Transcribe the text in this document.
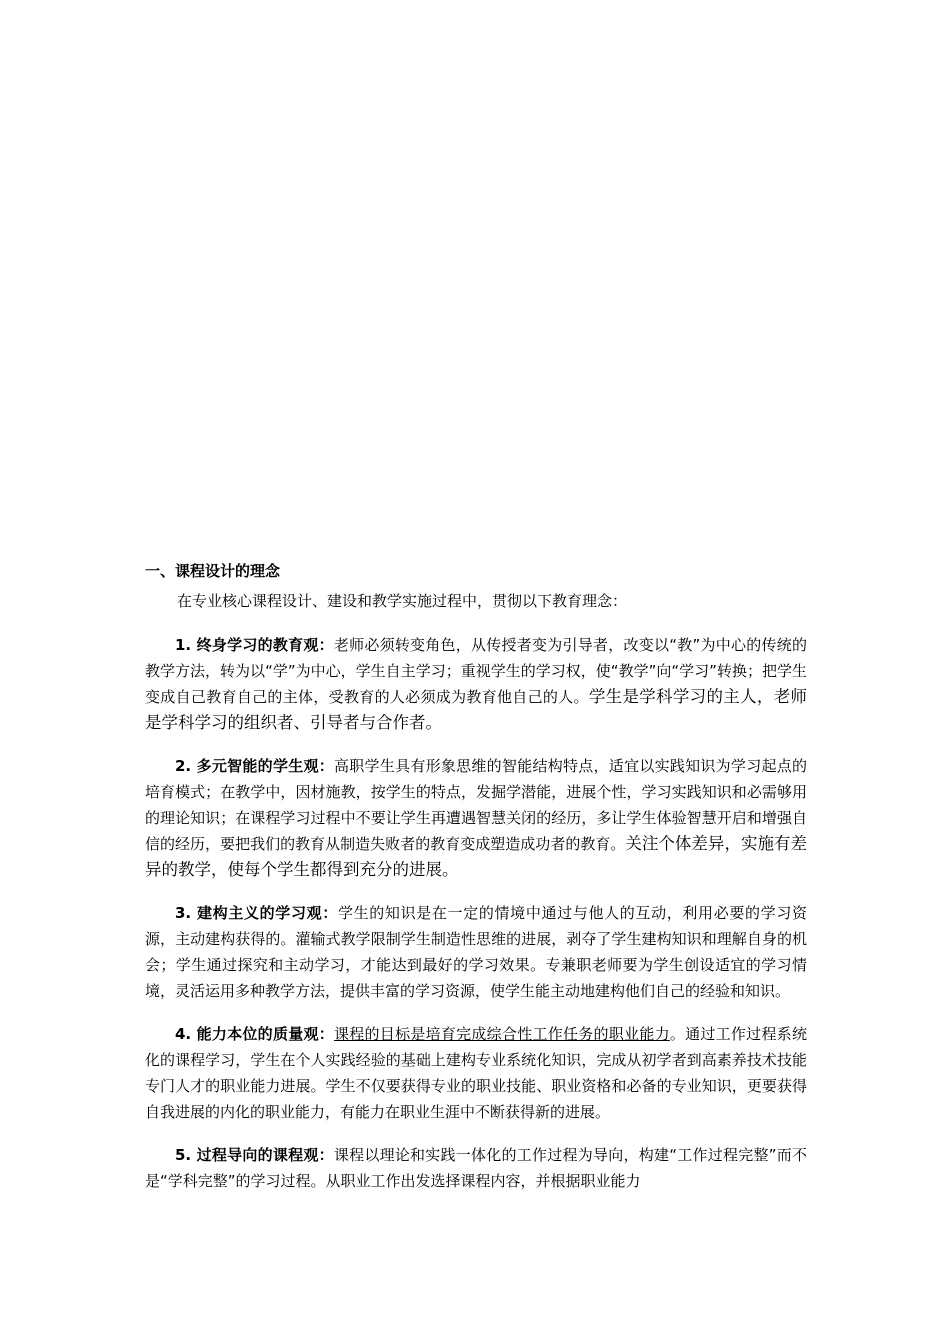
一、课程设计的理念

在专业核心课程设计、建设和教学实施过程中，贯彻以下教育理念：

1. 终身学习的教育观：老师必须转变角色，从传授者变为引导者，改变以“教”为中心的传统的教学方法，转为以“学”为中心，学生自主学习；重视学生的学习权，使“教学”向“学习”转换；把学生变成自己教育自己的主体，受教育的人必须成为教育他自己的人。学生是学科学习的主人，老师是学科学习的组织者、引导者与合作者。

2. 多元智能的学生观：高职学生具有形象思维的智能结构特点，适宜以实践知识为学习起点的培育模式；在教学中，因材施教，按学生的特点，发掘学潜能，进展个性，学习实践知识和必需够用的理论知识；在课程学习过程中不要让学生再遭遇智慧关闭的经历，多让学生体验智慧开启和增强自信的经历，要把我们的教育从制造失败者的教育变成塑造成功者的教育。关注个体差异，实施有差异的教学，使每个学生都得到充分的进展。

3. 建构主义的学习观：学生的知识是在一定的情境中通过与他人的互动，利用必要的学习资源，主动建构获得的。灌输式教学限制学生制造性思维的进展，剥夺了学生建构知识和理解自身的机会；学生通过探究和主动学习，才能达到最好的学习效果。专兼职老师要为学生创设适宜的学习情境，灵活运用多种教学方法，提供丰富的学习资源，使学生能主动地建构他们自己的经验和知识。

4. 能力本位的质量观：课程的目标是培育完成综合性工作任务的职业能力。通过工作过程系统化的课程学习，学生在个人实践经验的基础上建构专业系统化知识，完成从初学者到高素养技术技能专门人才的职业能力进展。学生不仅要获得专业的职业技能、职业资格和必备的专业知识，更要获得自我进展的内化的职业能力，有能力在职业生涯中不断获得新的进展。

5. 过程导向的课程观：课程以理论和实践一体化的工作过程为导向，构建“工作过程完整”而不是“学科完整”的学习过程。从职业工作出发选择课程内容，并根据职业能力
